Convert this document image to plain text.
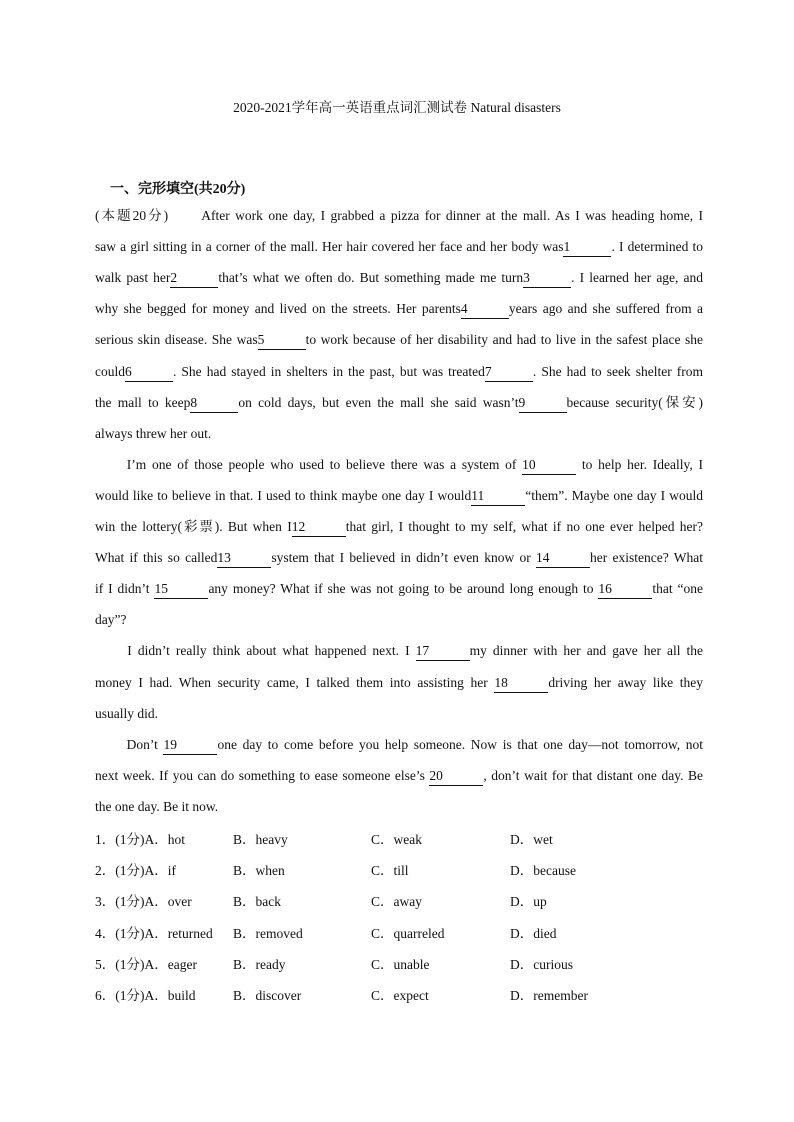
2020-2021学年高一英语重点词汇测试卷 Natural disasters
一、完形填空(共20分)
(本题20分)　　After work one day, I grabbed a pizza for dinner at the mall. As I was heading home, I
saw a girl sitting in a corner of the mall. Her hair covered her face and her body was1	. I determined to
walk past her2	that’s what we often do. But something made me turn3	. I learned her age, and
why she begged for money and lived on the streets. Her parents4	years ago and she suffered from a
serious skin disease. She was5	to work because of her disability and had to live in the safest place she
could6	. She had stayed in shelters in the past, but was treated7	. She had to seek shelter from
the mall to keep8	on cold days, but even the mall she said wasn’t9	because security(保安)
always threw her out.
　　I’m one of those people who used to believe there was a system of 10	to help her. Ideally, I
would like to believe in that. I used to think maybe one day I would11	“them”. Maybe one day I would
win the lottery(彩票). But when I12	that girl, I thought to my self, what if no one ever helped her?
What if this so called13	system that I believed in didn’t even know or 14	her existence? What
if I didn’t 15	any money? What if she was not going to be around long enough to 16	that “one
day”?
　　I didn’t really think about what happened next. I 17	my dinner with her and gave her all the
money I had. When security came, I talked them into assisting her 18	driving her away like they
usually did.
　　Don’t 19	one day to come before you help someone. Now is that one day—not tomorrow, not
next week. If you can do something to ease someone else’s 20	, don’t wait for that distant one day. Be
the one day. Be it now.
1．(1分)A．hot	B．heavy	C．weak	D．wet
2．(1分)A．if	B．when	C．till	D．because
3．(1分)A．over	B．back	C．away	D．up
4．(1分)A．returned B．removed	C．quarreled	D．died
5．(1分)A．eager	B．ready	C．unable	D．curious
6．(1分)A．build	B．discover	C．expect	D．remember
